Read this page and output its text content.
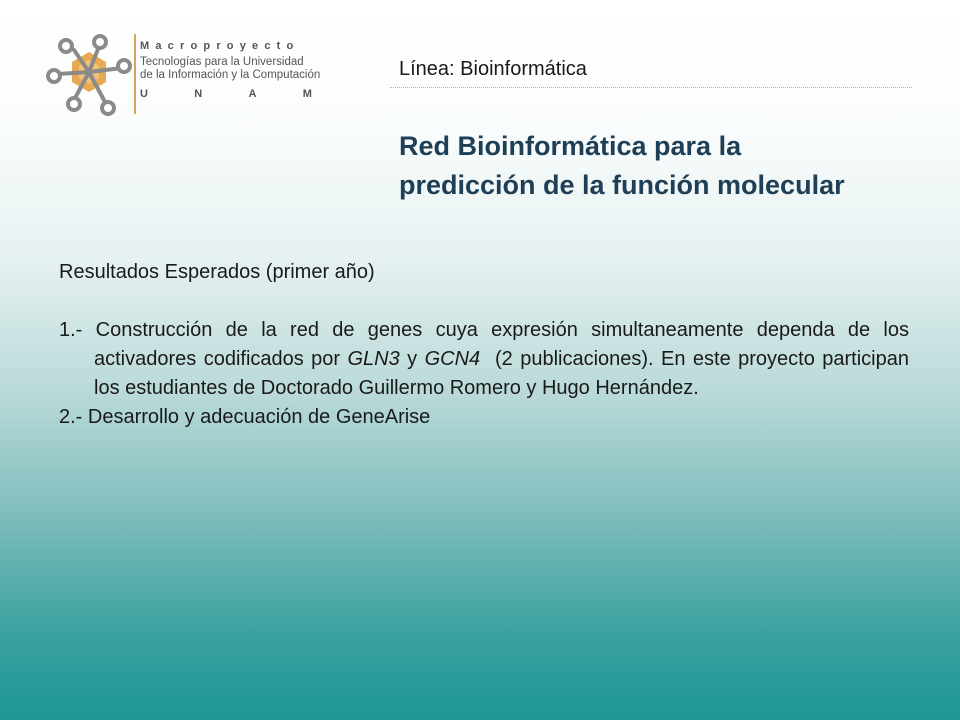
Macroproyecto
Tecnologías para la Universidad
de la Información y la Computación
U	N	A	M
Línea: Bioinformática
Red Bioinformática para la predicción de la función molecular

Resultados Esperados (primer año)

1.- Construcción de la red de genes cuya expresión simultaneamente dependa de los activadores codificados por GLN3 y GCN4  (2 publicaciones). En este proyecto participan los estudiantes de Doctorado Guillermo Romero y Hugo Hernández.

2.- Desarrollo y adecuación de GeneArise
